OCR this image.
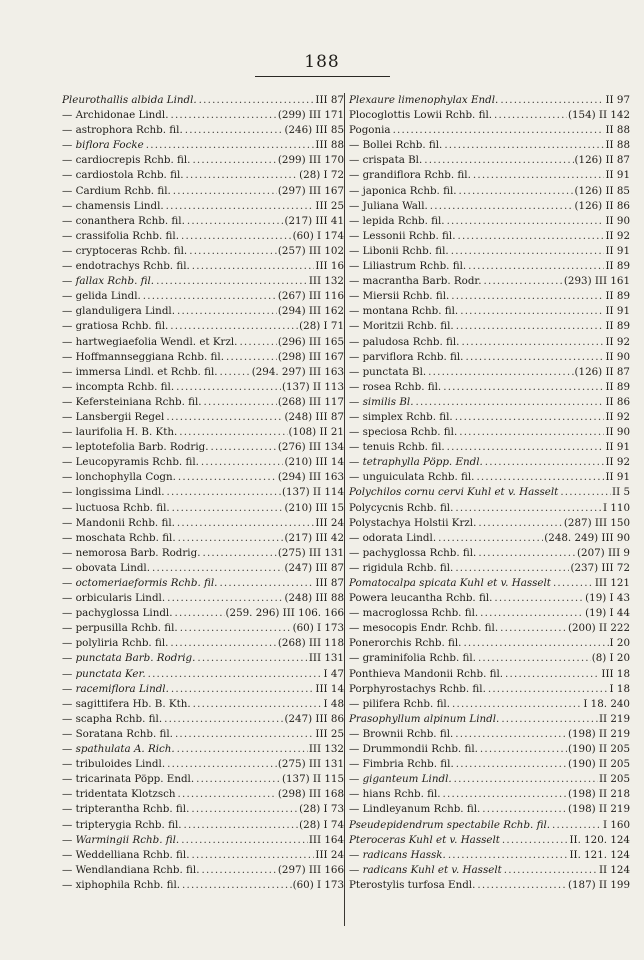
188
Pleurothallis albida Lindl. .....	III 87
— Archidonae Lindl. .....	(299) III 171
— astrophora Rchb. fil. .....	(246) III 85
— biflora Focke .....	III 88
— cardiocrepis Rchb. fil. .....	(299) III 170
— cardiostola Rchb. fil. .....	(28) I 72
— Cardium Rchb. fil. .....	(297) III 167
— chamensis Lindl. .....	III 25
— conanthera Rchb. fil. .....	(217) III 41
— crassifolia Rchb. fil. .....	(60) I 174
— cryptoceras Rchb. fil. .....	(257) III 102
— endotrachys Rchb. fil. .....	III 16
— fallax Rchb. fil. .....	III 132
— gelida Lindl. .....	(267) III 116
— glanduligera Lindl. .....	(294) III 162
— gratiosa Rchb. fil. .....	(28) I 71
— hartwegiaefolia Wendl. et Krzl. .....	(296) III 165
— Hoffmannseggiana Rchb. fil. .....	(298) III 167
— immersa Lindl. et Rchb. fil. .....	(294. 297) III 163
— incompta Rchb. fil. .....	(137) II 113
— Kefersteiniana Rchb. fil. .....	(268) III 117
— Lansbergii Regel .....	(248) III 87
— laurifolia H. B. Kth. .....	(108) II 21
— leptotefolia Barb. Rodrig. .....	(276) III 134
— Leucopyramis Rchb. fil. .....	(210) III 14
— lonchophylla Cogn. .....	(294) III 163
— longissima Lindl. .....	(137) II 114
— luctuosa Rchb. fil. .....	(210) III 15
— Mandonii Rchb. fil. .....	III 24
— moschata Rchb. fil. .....	(217) III 42
— nemorosa Barb. Rodrig. .....	(275) III 131
— obovata Lindl. .....	(247) III 87
— octomeriaeformis Rchb. fil. .....	III 87
— orbicularis Lindl. .....	(248) III 88
— pachyglossa Lindl. .....	(259. 296) III 106. 166
— perpusilla Rchb. fil. .....	(60) I 173
— polyliria Rchb. fil. .....	(268) III 118
— punctata Barb. Rodrig. .....	III 131
— punctata Ker. .....	I 47
— racemiflora Lindl. .....	III 14
— sagittifera Hb. B. Kth. .....	I 48
— scapha Rchb. fil. .....	(247) III 86
— Soratana Rchb. fil. .....	III 25
— spathulata A. Rich. .....	III 132
— tribuloides Lindl. .....	(275) III 131
— tricarinata Pöpp. Endl. .....	(137) II 115
— tridentata Klotzsch .....	(298) III 168
— tripterantha Rchb. fil. .....	(28) I 73
— tripterygia Rchb. fil. .....	(28) I 74
— Warmingii Rchb. fil. .....	III 164
— Weddelliana Rchb. fil. .....	III 24
— Wendlandiana Rchb. fil. .....	(297) III 166
— xiphophila Rchb. fil. .....	(60) I 173
Plexaure limenophylax Endl. .....	II 97
Plocoglottis Lowii Rchb. fil. .....	(154) II 142
Pogonia .....	II 88
— Bollei Rchb. fil. .....	II 88
— crispata Bl. .....	(126) II 87
— grandiflora Rchb. fil. .....	II 91
— japonica Rchb. fil. .....	(126) II 85
— Juliana Wall. .....	(126) II 86
— lepida Rchb. fil. .....	II 90
— Lessonii Rchb. fil. .....	II 92
— Libonii Rchb. fil. .....	II 91
— Liliastrum Rchb. fil. .....	II 89
— macrantha Barb. Rodr. .....	(293) III 161
— Miersii Rchb. fil. .....	II 89
— montana Rchb. fil. .....	II 91
— Moritzii Rchb. fil. .....	II 89
— paludosa Rchb. fil. .....	II 92
— parviflora Rchb. fil. .....	II 90
— punctata Bl. .....	(126) II 87
— rosea Rchb. fil. .....	II 89
— similis Bl. .....	II 86
— simplex Rchb. fil. .....	II 92
— speciosa Rchb. fil. .....	II 90
— tenuis Rchb. fil. .....	II 91
— tetraphylla Pöpp. Endl. .....	II 92
— unguiculata Rchb. fil. .....	II 91
Polychilos cornu cervi Kuhl et v. Hasselt .....	II 5
Polycycnis Rchb. fil. .....	I 110
Polystachya Holstii Krzl. .....	(287) III 150
— odorata Lindl. .....	(248. 249) III 90
— pachyglossa Rchb. fil. .....	(207) III 9
— rigidula Rchb. fil. .....	(237) III 72
Pomatocalpa spicata Kuhl et v. Hasselt .....	III 121
Powera leucantha Rchb. fil. .....	(19) I 43
— macroglossa Rchb. fil. .....	(19) I 44
— mesocopis Endr. Rchb. fil. .....	(200) II 222
Ponerorchis Rchb. fil. .....	I 20
— graminifolia Rchb. fil. .....	(8) I 20
Ponthieva Mandonii Rchb. fil. .....	III 18
Porphyrostachys Rchb. fil. .....	I 18
— pilifera Rchb. fil. .....	I 18. 240
Prasophyllum alpinum Lindl. .....	II 219
— Brownii Rchb. fil. .....	(198) II 219
— Drummondii Rchb. fil. .....	(190) II 205
— Fimbria Rchb. fil. .....	(190) II 205
— giganteum Lindl. .....	II 205
— hians Rchb. fil. .....	(198) II 218
— Lindleyanum Rchb. fil. .....	(198) II 219
Pseudepidendrum spectabile Rchb. fil. .....	I 160
Pteroceras Kuhl et v. Hasselt .....	II. 120. 124
— radicans Hassk. .....	II. 121. 124
— radicans Kuhl et v. Hasselt .....	II 124
Pterostylis turfosa Endl. .....	(187) II 199
